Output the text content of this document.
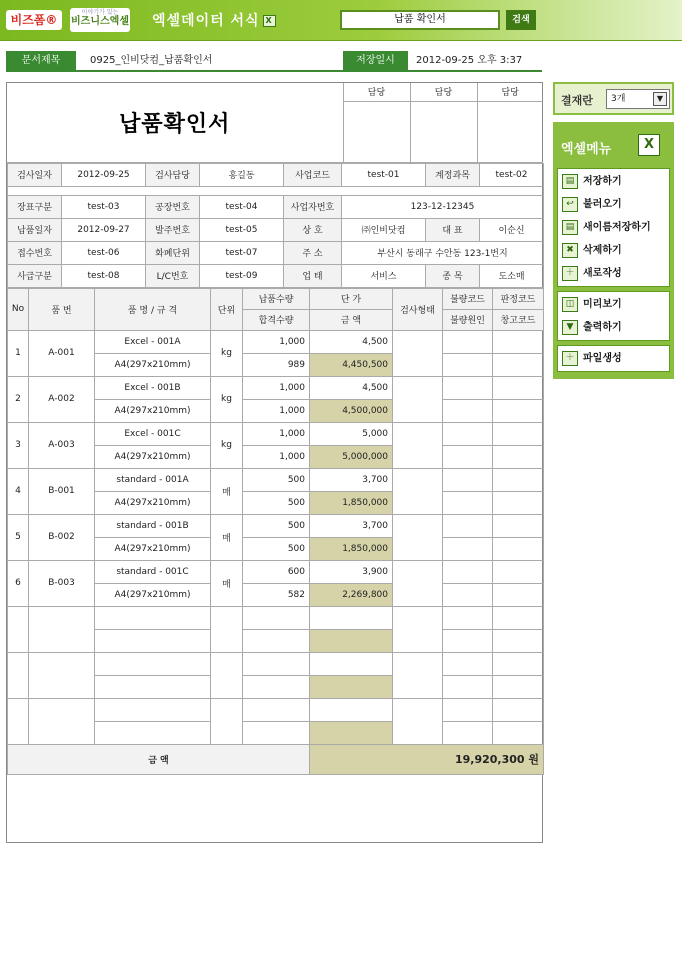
비즈폼®
이야기가 있는
비즈니스엑셀 엑셀데이터 서식 X	납품 확인서	검색
문서제목	0925_인비닷컴_납품확인서	저장일시	2012-09-25 오후 3:37
납품확인서	담당	담당	담당

검사일자	2012-09-25	검사담당	홍길동	사업코드	test-01	계정과목	test-02

장표구분	test-03	공장번호	test-04	사업자번호	123-12-12345		
납품일자	2012-09-27	발주번호	test-05	상 호	㈜인비닷컴	대 표	이순신
접수번호	test-06	화폐단위	test-07	주 소	부산시 동래구 수안동 123-1번지		
사급구분	test-08	L/C번호	test-09	업 태	서비스	종 목	도소매
No	품 번	품 명 / 규 격	단위	납품수량	단 가	검사형태	불량코드	판정코드
				합격수량	금 액		불량원인	창고코드
1	A-001	Excel - 001A	kg	1,000	4,500			
		A4(297x210mm)		989	4,450,500			
2	A-002	Excel - 001B	kg	1,000	4,500			
		A4(297x210mm)		1,000	4,500,000			
3	A-003	Excel - 001C	kg	1,000	5,000			
		A4(297x210mm)		1,000	5,000,000			
4	B-001	standard - 001A	매	500	3,700			
		A4(297x210mm)		500	1,850,000			
5	B-002	standard - 001B	매	500	3,700			
		A4(297x210mm)		500	1,850,000			
6	B-003	standard - 001C	매	600	3,900			
		A4(297x210mm)		582	2,269,800			

금 액					19,920,300 원			
결재란	3개	▼
엑셀메뉴	X
▤ 저장하기
↩ 불러오기
▤ 새이름저장하기
✖ 삭제하기
＋ 새로작성
◫ 미리보기
▼ 출력하기
＋ 파일생성
